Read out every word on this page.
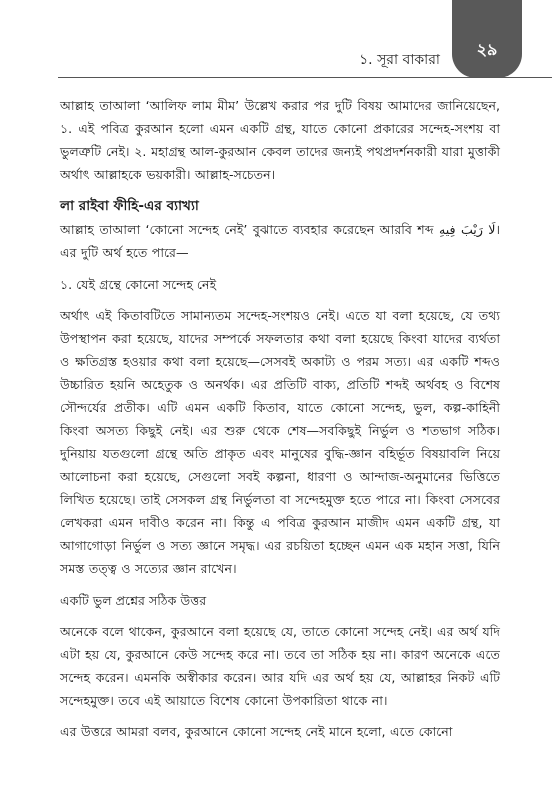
১. সূরা বাকারা
২৯

আল্লাহ তাআলা ‘আলিফ লাম মীম’ উল্লেখ করার পর দুটি বিষয় আমাদের জানিয়েছেন, ১. এই পবিত্র কুরআন হলো এমন একটি গ্রন্থ, যাতে কোনো প্রকারের সন্দেহ-সংশয় বা ভুলত্রুটি নেই। ২. মহাগ্রন্থ আল-কুরআন কেবল তাদের জন্যই পথপ্রদর্শনকারী যারা মুত্তাকী অর্থাৎ আল্লাহকে ভয়কারী। আল্লাহ-সচেতন।

লা রাইবা ফীহি-এর ব্যাখ্যা

আল্লাহ তাআলা ‘কোনো সন্দেহ নেই’ বুঝাতে ব্যবহার করেছেন আরবি শব্দ لَا رَيْبَ فِيهِ। এর দুটি অর্থ হতে পারে—

১. যেই গ্রন্থে কোনো সন্দেহ নেই

অর্থাৎ এই কিতাবটিতে সামান্যতম সন্দেহ-সংশয়ও নেই। এতে যা বলা হয়েছে, যে তথ্য উপস্থাপন করা হয়েছে, যাদের সম্পর্কে সফলতার কথা বলা হয়েছে কিংবা যাদের ব্যর্থতা ও ক্ষতিগ্রস্ত হওয়ার কথা বলা হয়েছে—সেসবই অকাট্য ও পরম সত্য। এর একটি শব্দও উচ্চারিত হয়নি অহেতুক ও অনর্থক। এর প্রতিটি বাক্য, প্রতিটি শব্দই অর্থবহ ও বিশেষ সৌন্দর্যের প্রতীক। এটি এমন একটি কিতাব, যাতে কোনো সন্দেহ, ভুল, কল্প-কাহিনী কিংবা অসত্য কিছুই নেই। এর শুরু থেকে শেষ—সবকিছুই নির্ভুল ও শতভাগ সঠিক। দুনিয়ায় যতগুলো গ্রন্থে অতি প্রাকৃত এবং মানুষের বুদ্ধি-জ্ঞান বহির্ভূত বিষয়াবলি নিয়ে আলোচনা করা হয়েছে, সেগুলো সবই কল্পনা, ধারণা ও আন্দাজ-অনুমানের ভিত্তিতে লিখিত হয়েছে। তাই সেসকল গ্রন্থ নির্ভুলতা বা সন্দেহমুক্ত হতে পারে না। কিংবা সেসবের লেখকরা এমন দাবীও করেন না। কিন্তু এ পবিত্র কুরআন মাজীদ এমন একটি গ্রন্থ, যা আগাগোড়া নির্ভুল ও সত্য জ্ঞানে সমৃদ্ধ। এর রচয়িতা হচ্ছেন এমন এক মহান সত্তা, যিনি সমস্ত তত্ত্ব ও সত্যের জ্ঞান রাখেন।

একটি ভুল প্রশ্নের সঠিক উত্তর

অনেকে বলে থাকেন, কুরআনে বলা হয়েছে যে, তাতে কোনো সন্দেহ নেই। এর অর্থ যদি এটা হয় যে, কুরআনে কেউ সন্দেহ করে না। তবে তা সঠিক হয় না। কারণ অনেকে এতে সন্দেহ করেন। এমনকি অস্বীকার করেন। আর যদি এর অর্থ হয় যে, আল্লাহর নিকট এটি সন্দেহমুক্ত। তবে এই আয়াতে বিশেষ কোনো উপকারিতা থাকে না।

এর উত্তরে আমরা বলব, কুরআনে কোনো সন্দেহ নেই মানে হলো, এতে কোনো
